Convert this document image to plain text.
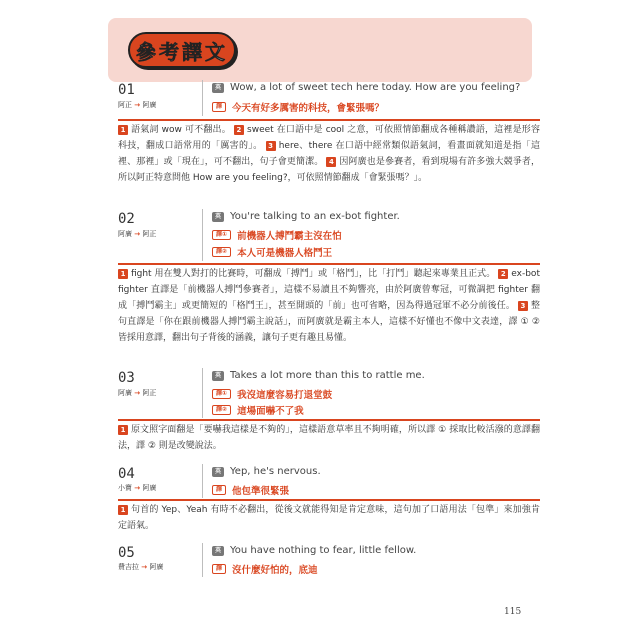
參考譯文
01
阿正 → 阿廣
英 Wow, a lot of sweet tech here today. How are you feeling?
譯	今天有好多厲害的科技，會緊張嗎？
1 語氣詞 wow 可不翻出。 2 sweet 在口語中是 cool 之意，可依照情節翻成各種稱讚語，這裡是形容科技，翻成口語常用的「厲害的」。 3 here、there 在口語中經常類似語氣詞，看畫面就知道是指「這裡、那裡」或「現在」，可不翻出，句子會更簡潔。 4 因阿廣也是參賽者，看到現場有許多強大競爭者，所以阿正特意問他 How are you feeling?，可依照情節翻成「會緊張嗎？」。
02
阿廣 → 阿正
英 You're talking to an ex-bot fighter.
譯①	前機器人搏鬥霸主沒在怕
譯②	本人可是機器人格鬥王
1 fight 用在雙人對打的比賽時，可翻成「搏鬥」或「格鬥」，比「打鬥」聽起來專業且正式。 2 ex-bot fighter 直譯是「前機器人搏鬥參賽者」，這樣不易讀且不夠響亮，由於阿廣曾奪冠，可微調把 fighter 翻成「搏鬥霸主」或更簡短的「格鬥王」，甚至開頭的「前」也可省略，因為得過冠軍不必分前後任。 3 整句直譯是「你在跟前機器人搏鬥霸主說話」，而阿廣就是霸主本人，這樣不好懂也不像中文表達，譯 ① ② 皆採用意譯，翻出句子背後的涵義，讓句子更有趣且易懂。
03
阿廣 → 阿正
英 Takes a lot more than this to rattle me.
譯①	我沒這麼容易打退堂鼓
譯②	這場面嚇不了我
1 原文照字面翻是「要嚇我這樣是不夠的」，這樣語意草率且不夠明確，所以譯 ① 採取比較活潑的意譯翻法，譯 ② 則是改變說法。
04
小寶 → 阿廣
英 Yep, he's nervous.
譯	他包準很緊張
1 句首的 Yep、Yeah 有時不必翻出，從後文就能得知是肯定意味，這句加了口語用法「包準」來加強肯定語氣。
05
費吉拉 → 阿廣
英 You have nothing to fear, little fellow.
譯	沒什麼好怕的，底迪
115
